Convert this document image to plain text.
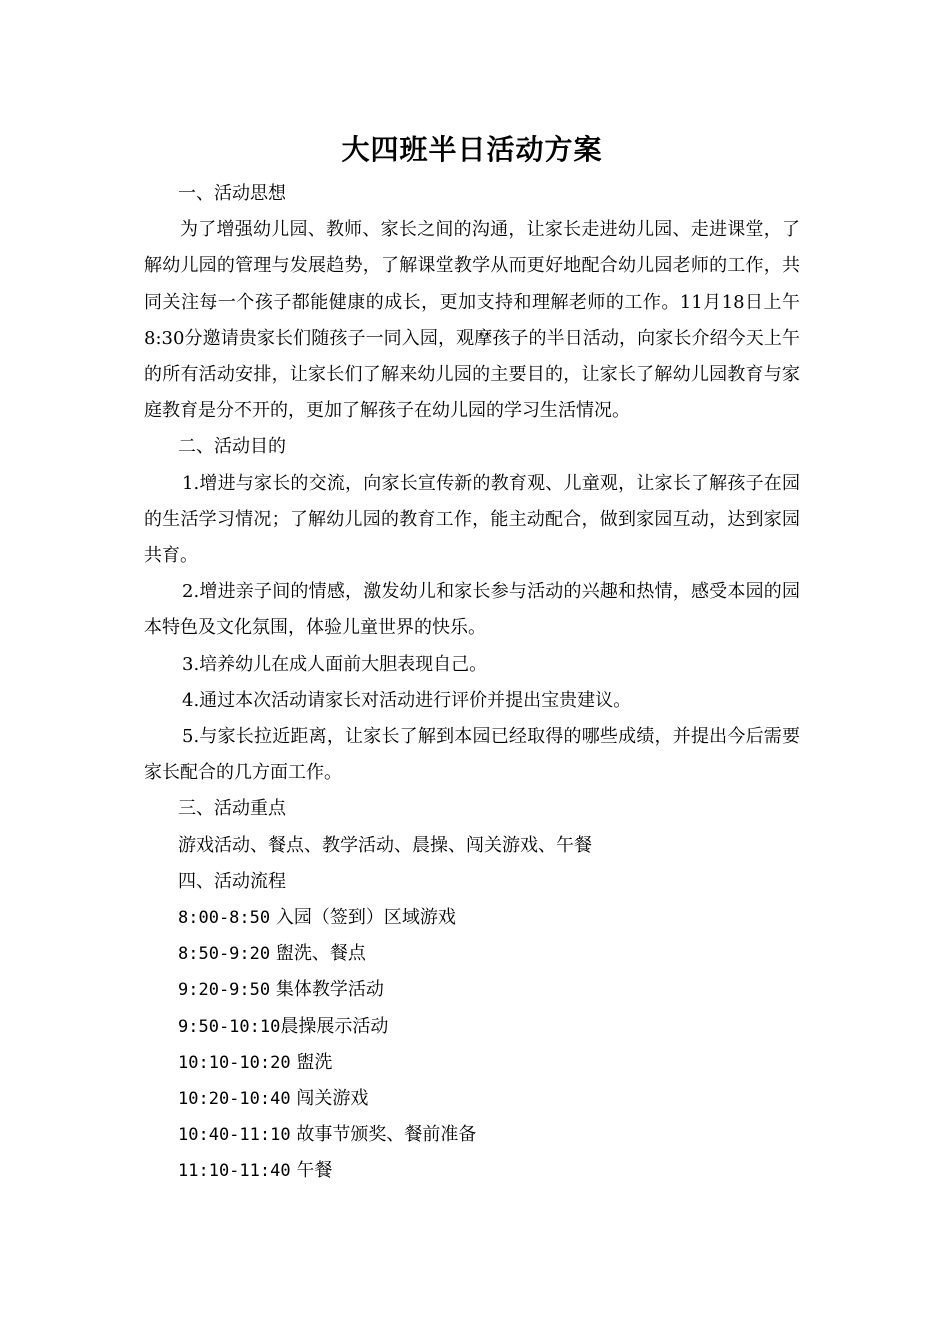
大四班半日活动方案

一、活动思想

为了增强幼儿园、教师、家长之间的沟通，让家长走进幼儿园、走进课堂，了解幼儿园的管理与发展趋势，了解课堂教学从而更好地配合幼儿园老师的工作，共同关注每一个孩子都能健康的成长，更加支持和理解老师的工作。11月18日上午8:30分邀请贵家长们随孩子一同入园，观摩孩子的半日活动，向家长介绍今天上午的所有活动安排，让家长们了解来幼儿园的主要目的，让家长了解幼儿园教育与家庭教育是分不开的，更加了解孩子在幼儿园的学习生活情况。

二、活动目的

1.增进与家长的交流，向家长宣传新的教育观、儿童观，让家长了解孩子在园的生活学习情况；了解幼儿园的教育工作，能主动配合，做到家园互动，达到家园共育。

2.增进亲子间的情感，激发幼儿和家长参与活动的兴趣和热情，感受本园的园本特色及文化氛围，体验儿童世界的快乐。

3.培养幼儿在成人面前大胆表现自己。

4.通过本次活动请家长对活动进行评价并提出宝贵建议。

5.与家长拉近距离，让家长了解到本园已经取得的哪些成绩，并提出今后需要家长配合的几方面工作。

三、活动重点

游戏活动、餐点、教学活动、晨操、闯关游戏、午餐

四、活动流程

8:00-8:50 入园（签到）区域游戏

8:50-9:20 盥洗、餐点

9:20-9:50 集体教学活动

9:50-10:10晨操展示活动

10:10-10:20 盥洗

10:20-10:40 闯关游戏

10:40-11:10 故事节颁奖、餐前准备

11:10-11:40 午餐
